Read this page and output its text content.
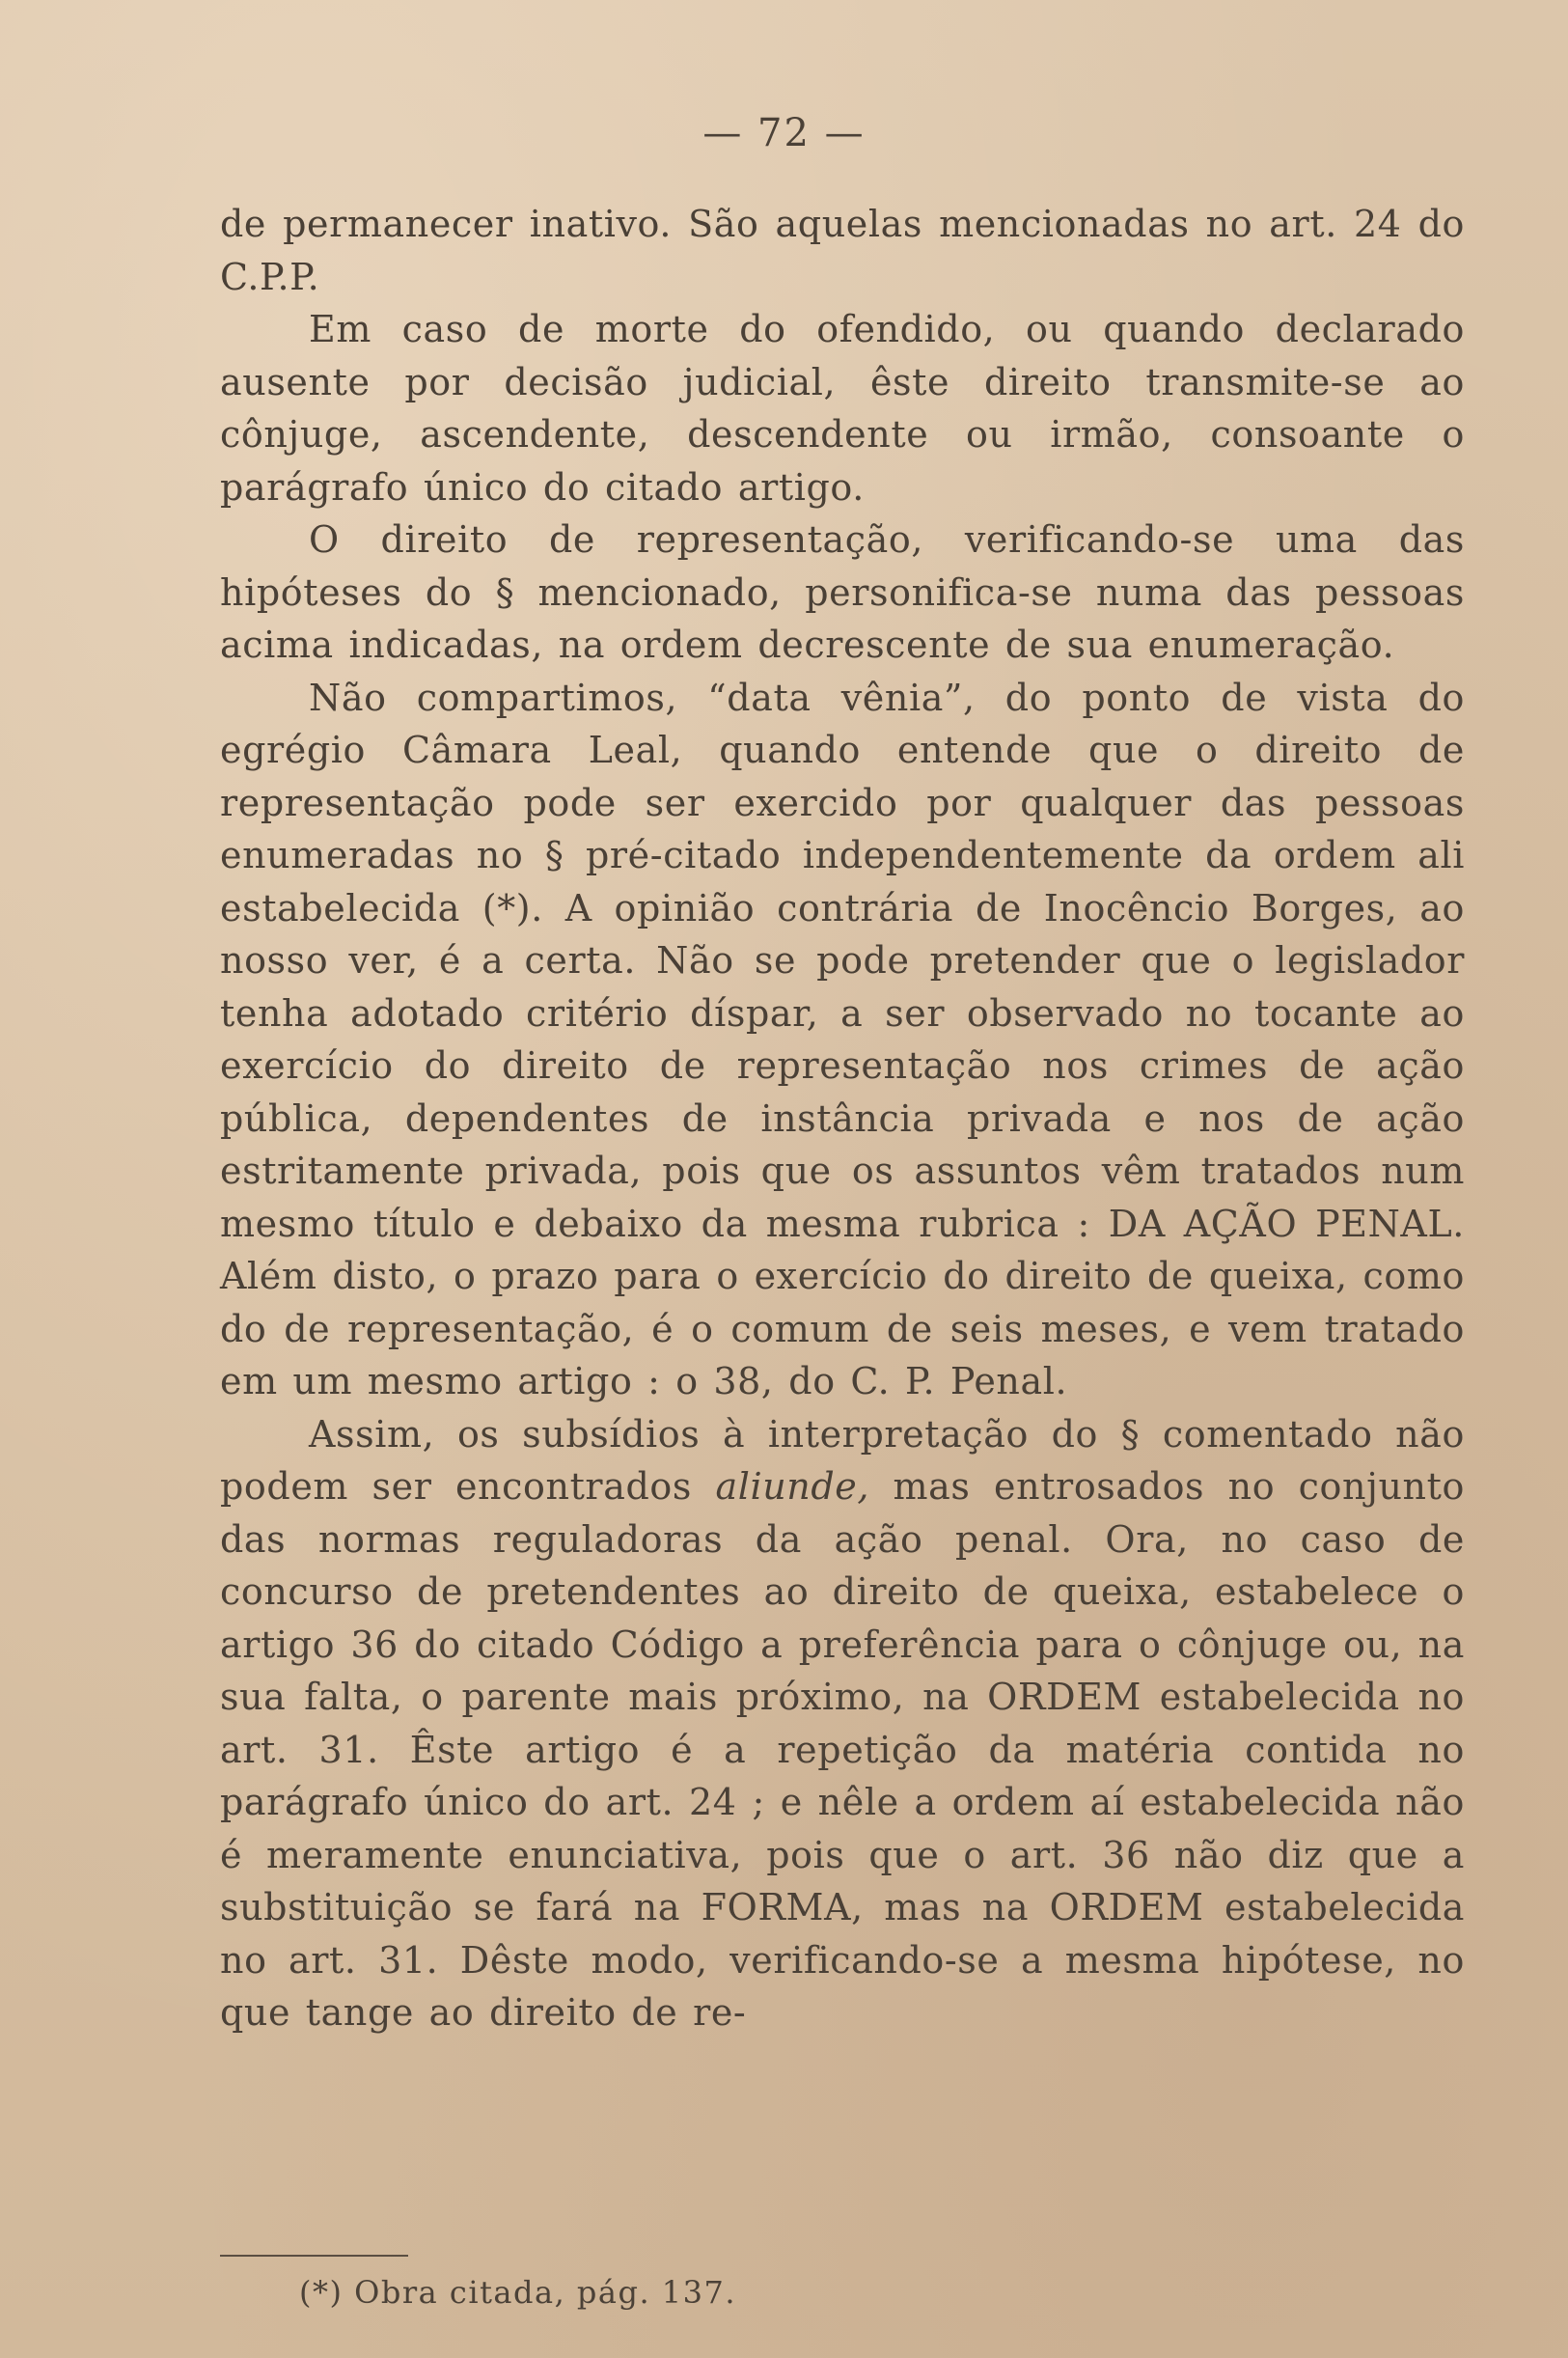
— 72 —

de permanecer inativo. São aquelas mencionadas no art. 24 do C.P.P.

Em caso de morte do ofendido, ou quando declarado ausente por decisão judicial, êste direito transmite-se ao cônjuge, ascendente, descendente ou irmão, consoante o parágrafo único do citado artigo.

O direito de representação, verificando-se uma das hipóteses do § mencionado, personifica-se numa das pessoas acima indicadas, na ordem decrescente de sua enumeração.

Não compartimos, “data vênia”, do ponto de vista do egrégio Câmara Leal, quando entende que o direito de representação pode ser exercido por qualquer das pessoas enumeradas no § pré-citado independentemente da ordem ali estabelecida (*). A opinião contrária de Inocêncio Borges, ao nosso ver, é a certa. Não se pode pretender que o legislador tenha adotado critério díspar, a ser observado no tocante ao exercício do direito de representação nos crimes de ação pública, dependentes de instância privada e nos de ação estritamente privada, pois que os assuntos vêm tratados num mesmo título e debaixo da mesma rubrica : DA AÇÃO PENAL. Além disto, o prazo para o exercício do direito de queixa, como do de representação, é o comum de seis meses, e vem tratado em um mesmo artigo : o 38, do C. P. Penal.

Assim, os subsídios à interpretação do § comentado não podem ser encontrados aliunde, mas entrosados no conjunto das normas reguladoras da ação penal. Ora, no caso de concurso de pretendentes ao direito de queixa, estabelece o artigo 36 do citado Código a preferência para o cônjuge ou, na sua falta, o parente mais próximo, na ORDEM estabelecida no art. 31. Êste artigo é a repetição da matéria contida no parágrafo único do art. 24 ; e nêle a ordem aí estabelecida não é meramente enunciativa, pois que o art. 36 não diz que a substituição se fará na FORMA, mas na ORDEM estabelecida no art. 31. Dêste modo, verificando-se a mesma hipótese, no que tange ao direito de re-

(*) Obra citada, pág. 137.
